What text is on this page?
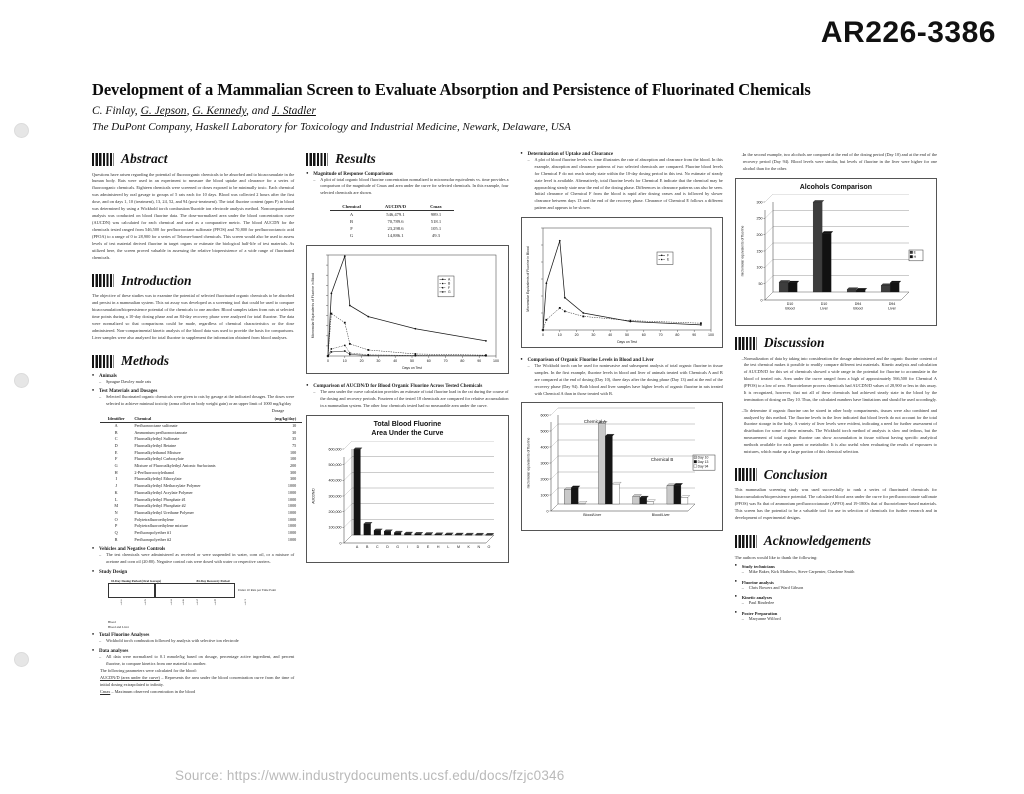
AR226-3386
Development of a Mammalian Screen to Evaluate Absorption and Persistence of Fluorinated Chemicals
C. Finlay, G. Jepson, G. Kennedy, and J. Stadler
The DuPont Company, Haskell Laboratory for Toxicology and Industrial Medicine, Newark, Delaware, USA
Abstract
Questions have arisen regarding the potential of fluoroorganic chemicals to be absorbed and to bioaccumulate in the human body. Rats were used in an experiment to measure the blood uptake and clearance for a series of fluoroorganic chemicals. Eighteen chemicals were screened or doses exposed to be minimally toxic. Each chemical was administered by oral gavage to groups of 5 rats each for 10 days. Blood was collected 2 hours after the first dose, and on days 1, 10 (treatment), 13, 24, 52, and 94 (post-treatment). The total fluorine content (ppm F) in blood was determined by using a Wickbold torch combustion/fluoride ion electrode analysis method. Noncompartmental analysis was conducted on blood fluorine data. The dose-normalized area under the blood concentration curve (AUCDN) was calculated for each chemical and used as a comparative metric. The blood AUCDN for the chemicals tested ranged from 546,500 for perfluorooctane sulfonate (PFOS) and 70,800 for perfluorooctanoic acid (PFOA) to a range of 0 to 28,900 for a series of Telomer-based chemicals. This screen would also be used to assess levels of test material derived fluorine in target organs or estimate the biological half-life of test materials. As utilized here, the screen proved valuable in assessing the relative biopersistence of a wide range of fluorinated chemicals.
Introduction
The objective of these studies was to examine the potential of selected fluorinated organic chemicals to be absorbed and persist in a mammalian system. This rat assay was developed as a screening tool that could be used to compare bioaccumulation/biopersistence potential of the chemicals to one another. Blood samples taken from rats at selected time points during a 10-day dosing phase and an 84-day recovery phase were analyzed for total fluorine. The data were normalized so that comparisons could be made, regardless of chemical characteristics or the dose administered. Non-compartmental kinetic analysis of the blood data was used to provide the basis for comparisons. Liver samples were also analyzed for total fluorine to supplement the information obtained from blood analyses.
Methods
• Animals
– Sprague Dawley male rats
• Test Materials and Dosages
– Selected fluorinated organic chemicals were given to rats by gavage at the indicated dosages. The doses were selected to achieve minimal toxicity (arma offset on body weight gain) or an upper limit of 1000 mg/kg/day
Dosage
Identifier	Chemical	(mg/kg/day)
A	Perfluorooctane sulfonate	10
B	Ammonium perfluorooctanoate	30
C	Fluoroalkylethyl Sulfonate	35
D	Fluoroalkylethyl Betaine	75
E	Fluoroalkylethanol Mixture	100
F	Fluoroalkylethyl Carboxylate	100
G	Mixture of Fluoroalkylethyl Anionic Surfactants	200
H	2-Perfluorooctylethanol	300
I	Fluoroalkylethyl Ethoxylate	300
J	Fluoroalkylethyl Methacrylate Polymer	1000
K	Fluoroalkylethyl Acrylate Polymer	1000
L	Fluoroalkylethyl Phosphate #1	1000
M	Fluoroalkylethyl Phosphate #2	1000
N	Fluoroalkylethyl Urethane Polymer	1000
O	Polytetrafluoroethylene	1000
P	Polytetrafluoroethylene mixture	1000
Q	Perfluoropolyether #1	1000
R	Perfluoropolyether #2	1000
• Vehicles and Negative Controls
– The test chemicals were administered as received or were suspended in water, corn oil, or a mixture of acetone and corn oil (20:80). Negative control rats were dosed with water or respective carriers.
• Study Design
10-Day Dosing Period (Oral Gavage)	84-Day Recovery Period
Under 10 Rats per Time Point
1
↑
2
↑
3
↑
4
↑
5
↑
6
↑
7
↑
Blood
Blood and Liver
• Total Fluorine Analyses
– Wickbold torch combustion followed by analysis with selective ion electrode
• Data analyses
– All data were normalized to 0.1 mmole/kg based on dosage, percentage active ingredient, and percent fluorine, to compare kinetics from one material to another.
The following parameters were calculated for the blood:
AUCDN/D (area under the curve) – Represents the area under the blood concentration curve from the time of initial dosing extrapolated to infinity.
Cmax – Maximum observed concentration in the blood
Results
• Magnitude of Response Comparisons
– A plot of total organic blood fluorine concentration normalized to micromolar equivalents vs. time provides a comparison of the magnitude of Cmax and area under the curve for selected chemicals. In this example, four selected chemicals are shown.
Chemical	AUCDN/D	Cmax
A	546,479.1	989.1
B	70,789.6	518.1
F	23,298.6	105.1
G	14,886.1	49.3
0	10	20	30	40	50	60	70	80	90	100
Micromolar Equivalents of Fluorine in Blood
Days on Test
A
B
F
G
• Comparison of AUCDN/D for Blood Organic Fluorine Across Tested Chemicals
– The area under the curve calculation provides an estimate of total fluorine load in the rat during the course of the dosing and recovery periods. Fourteen of the tested 18 chemicals are compared for relative accumulation in a mammalian system. The other four chemicals tested had no measurable area under the curve.
Total Blood Fluorine
Area Under the Curve
0
100,000
200,000
300,000
400,000
500,000
600,000
A B C D G I D E H L M K N O
AUCDN/D
• Determination of Uptake and Clearance
– A plot of blood fluorine levels vs. time illustrates the rate of absorption and clearance from the blood. In this example, absorption and clearance patterns of two selected chemicals are compared. Fluorine blood levels for Chemical F do not reach steady state within the 10-day dosing period in this test. No estimate of steady state level is available. Alternatively, total fluorine levels for Chemical E indicate that the chemical may be approaching steady state near the end of the dosing phase. Differences in clearance patterns can also be seen. Initial clearance of Chemical F from the blood is rapid after dosing ceases and is followed by slower clearance between days 13 and the end of the recovery phase. Clearance of Chemical E follows a different pattern and appears to be slower.
0	10	20	30	40	50	60	70	80	90	100
Micromolar Equivalents of Fluorine in Blood
Days on Test
F
E
• Comparison of Organic Fluorine Levels in Blood and Liver
– The Wickbold torch can be used for noninvasive and subsequent analysis of total organic fluorine in tissue samples. In the first example, fluorine levels in blood and liver of animals treated with Chemicals A and B are compared at the end of dosing (Day 10), three days after the dosing phase (Day 13) and at the end of the recovery phase (Day 94). Both blood and liver samples have higher levels of organic fluorine in rats treated with Chemical A than in those treated with B.
0
1000
2000
3000
4000
5000
6000
Blood/Liver	Blood/Liver
Chemical A
Chemical B	Day 10
Day 13
Day 94
micromolar equivalents of fluorine
– In the second example, two alcohols are compared at the end of the dosing period (Day 10) and at the end of the recovery period (Day 94). Blood levels were similar, but levels of fluorine in the liver were higher for one alcohol than for the other.
Alcohols Comparison
0
50
100
150
200
250
300
D10
Blood
D10
Liver
D94
Blood
D94
Liver
E
H
micromolar equivalents of fluorine
Discussion
– Normalization of data by taking into consideration the dosage administered and the organic fluorine content of the test chemical makes it possible to readily compare different test materials. Kinetic analysis and calculation of AUCDN/D for this set of chemicals showed a wide range in the potential for fluorine to accumulate in the blood of treated rats. Area under the curve ranged from a high of approximately 566,500 for Chemical A (PFOS) to a low of zero. Fluorotelomer process chemicals had AUCDN/D values of 28,900 or less in this assay. It is recognized, however, that not all of these chemicals had achieved steady state in the blood by the termination of dosing on Day 10. Thus, the calculated numbers have limitations and should be used accordingly.
– To determine if organic fluorine can be stored in other body compartments, tissues were also combined and analyzed by this method. The fluorine levels in the liver indicated that blood levels do not account for the total fluorine storage in the body. A variety of liver levels were evident, indicating a need for further assessment of distribution for some of these minerals. The Wickbold torch method of analysis is slow and tedious, but the measurement of total organic fluorine can show accumulation in tissue without having specific analytical methods available for each parent or metabolite. It is also useful when evaluating the results of exposures to mixtures, which make up a large portion of this chemical selection.
Conclusion
This mammalian screening study was used successfully to rank a series of fluorinated chemicals for bioaccumulation/biopersistence potential. The calculated blood area under the curve for perfluorooctanate sulfonate (PFOS) was 8x that of ammonium perfluorooctanoate (APFO) and 19-1800x that of fluorotelomer-based materials. This screen has the potential to be a valuable tool for use in selection of chemicals for further research and in development of experimental designs.
Acknowledgements
The authors would like to thank the following:
• Study technicians
– Mike Baker, Kirk Mathews, Steve Carpenter, Charlene Smith
• Fluorine analysis
– Chris Bowers and Ward Gibson
• Kinetic analyses
– Paul Rinderlee
• Poster Preparation
– Maryanne Wilford
Source: https://www.industrydocuments.ucsf.edu/docs/fzjc0346
